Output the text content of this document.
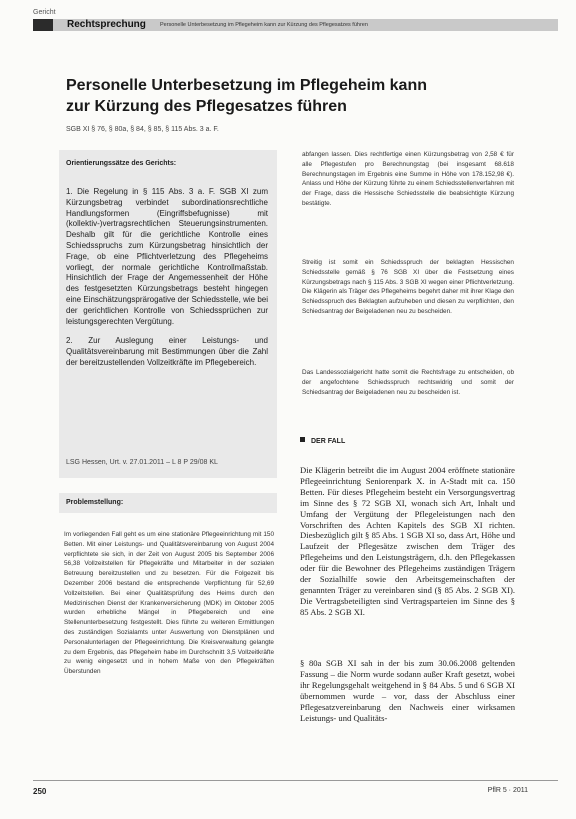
Gericht
Rechtsprechung	Personelle Unterbesetzung im Pflegeheim kann zur Kürzung des Pflegesatzes führen
Personelle Unterbesetzung im Pflegeheim kann
zur Kürzung des Pflegesatzes führen
SGB XI § 76, § 80a, § 84, § 85, § 115 Abs. 3 a. F.
Orientierungssätze des Gerichts:

1. Die Regelung in § 115 Abs. 3 a. F. SGB XI zum Kürzungsbetrag verbindet subordinationsrechtliche Handlungsformen (Eingriffsbefugnisse) mit (kollektiv-)vertragsrechtlichen Steuerungsinstrumenten. Deshalb gilt für die gerichtliche Kontrolle eines Schiedsspruchs zum Kürzungsbetrag hinsichtlich der Frage, ob eine Pflichtverletzung des Pflegeheims vorliegt, der normale gerichtliche Kontrollmaßstab. Hinsichtlich der Frage der Angemessenheit der Höhe des festgesetzten Kürzungsbetrags besteht hingegen eine Einschätzungsprärogative der Schiedsstelle, wie bei der gerichtlichen Kontrolle von Schiedssprüchen zur leistungsgerechten Vergütung.

2. Zur Auslegung einer Leistungs- und Qualitätsvereinbarung mit Bestimmungen über die Zahl der bereitzustellenden Vollzeitkräfte im Pflegebereich.

LSG Hessen, Urt. v. 27.01.2011 – L 8 P 29/08 KL
Problemstellung:

Im vorliegenden Fall geht es um eine stationäre Pflegeeinrichtung mit 150 Betten. Mit einer Leistungs- und Qualitätsvereinbarung von August 2004 verpflichtete sie sich, in der Zeit von August 2005 bis September 2006 56,38 Vollzeitstellen für Pflegekräfte und Mitarbeiter in der sozialen Betreuung bereitzustellen und zu besetzen. Für die Folgezeit bis Dezember 2006 bestand die entsprechende Verpflichtung für 52,69 Vollzeitstellen. Bei einer Qualitätsprüfung des Heims durch den Medizinischen Dienst der Krankenversicherung (MDK) im Oktober 2005 wurden erhebliche Mängel in Pflegebereich und eine Stellenunterbesetzung festgestellt. Dies führte zu weiteren Ermittlungen des zuständigen Sozialamts unter Auswertung von Dienstplänen und Personalunterlagen der Pflegeeinrichtung. Die Kreisverwaltung gelangte zu dem Ergebnis, das Pflegeheim habe im Durchschnitt 3,5 Vollzeitkräfte zu wenig eingesetzt und in hohem Maße von den Pflegekräften Überstunden

abfangen lassen. Dies rechtfertige einen Kürzungsbetrag von 2,58 € für alle Pflegestufen pro Berechnungstag (bei insgesamt 68.618 Berechnungstagen im Ergebnis eine Summe in Höhe von 178.152,98 €). Anlass und Höhe der Kürzung führte zu einem Schiedsstellenverfahren mit der Frage, dass die Hessische Schiedsstelle die beabsichtigte Kürzung bestätigte.

Streitig ist somit ein Schiedsspruch der beklagten Hessischen Schiedsstelle gemäß § 76 SGB XI über die Festsetzung eines Kürzungsbetrags nach § 115 Abs. 3 SGB XI wegen einer Pflichtverletzung. Die Klägerin als Träger des Pflegeheims begehrt daher mit ihrer Klage den Schiedsspruch des Beklagten aufzuheben und diesen zu verpflichten, den Schiedsantrag der Beigeladenen neu zu bescheiden.

Das Landessozialgericht hatte somit die Rechtsfrage zu entscheiden, ob der angefochtene Schiedsspruch rechtswidrig und somit der Schiedsantrag der Beigeladenen neu zu bescheiden ist.

DER FALL

Die Klägerin betreibt die im August 2004 eröffnete stationäre Pflegeeinrichtung Seniorenpark X. in A-Stadt mit ca. 150 Betten. Für dieses Pflegeheim besteht ein Versorgungsvertrag im Sinne des § 72 SGB XI, wonach sich Art, Inhalt und Umfang der Vergütung der Pflegeleistungen nach den Vorschriften des Achten Kapitels des SGB XI richten. Diesbezüglich gilt § 85 Abs. 1 SGB XI so, dass Art, Höhe und Laufzeit der Pflegesätze zwischen dem Träger des Pflegeheims und den Leistungsträgern, d.h. den Pflegekassen oder für die Bewohner des Pflegeheims zuständigen Trägern der Sozialhilfe sowie den Arbeitsgemeinschaften der genannten Träger zu vereinbaren sind (§ 85 Abs. 2 SGB XI). Die Vertragsbeteiligten sind Vertragsparteien im Sinne des § 85 Abs. 2 SGB XI.

§ 80a SGB XI sah in der bis zum 30.06.2008 geltenden Fassung – die Norm wurde sodann außer Kraft gesetzt, wobei ihr Regelungsgehalt weitgehend in § 84 Abs. 5 und 6 SGB XI übernommen wurde – vor, dass der Abschluss einer Pflegesatzvereinbarung den Nachweis einer wirksamen Leistungs- und Qualitäts-

250	PflR 5 · 2011
